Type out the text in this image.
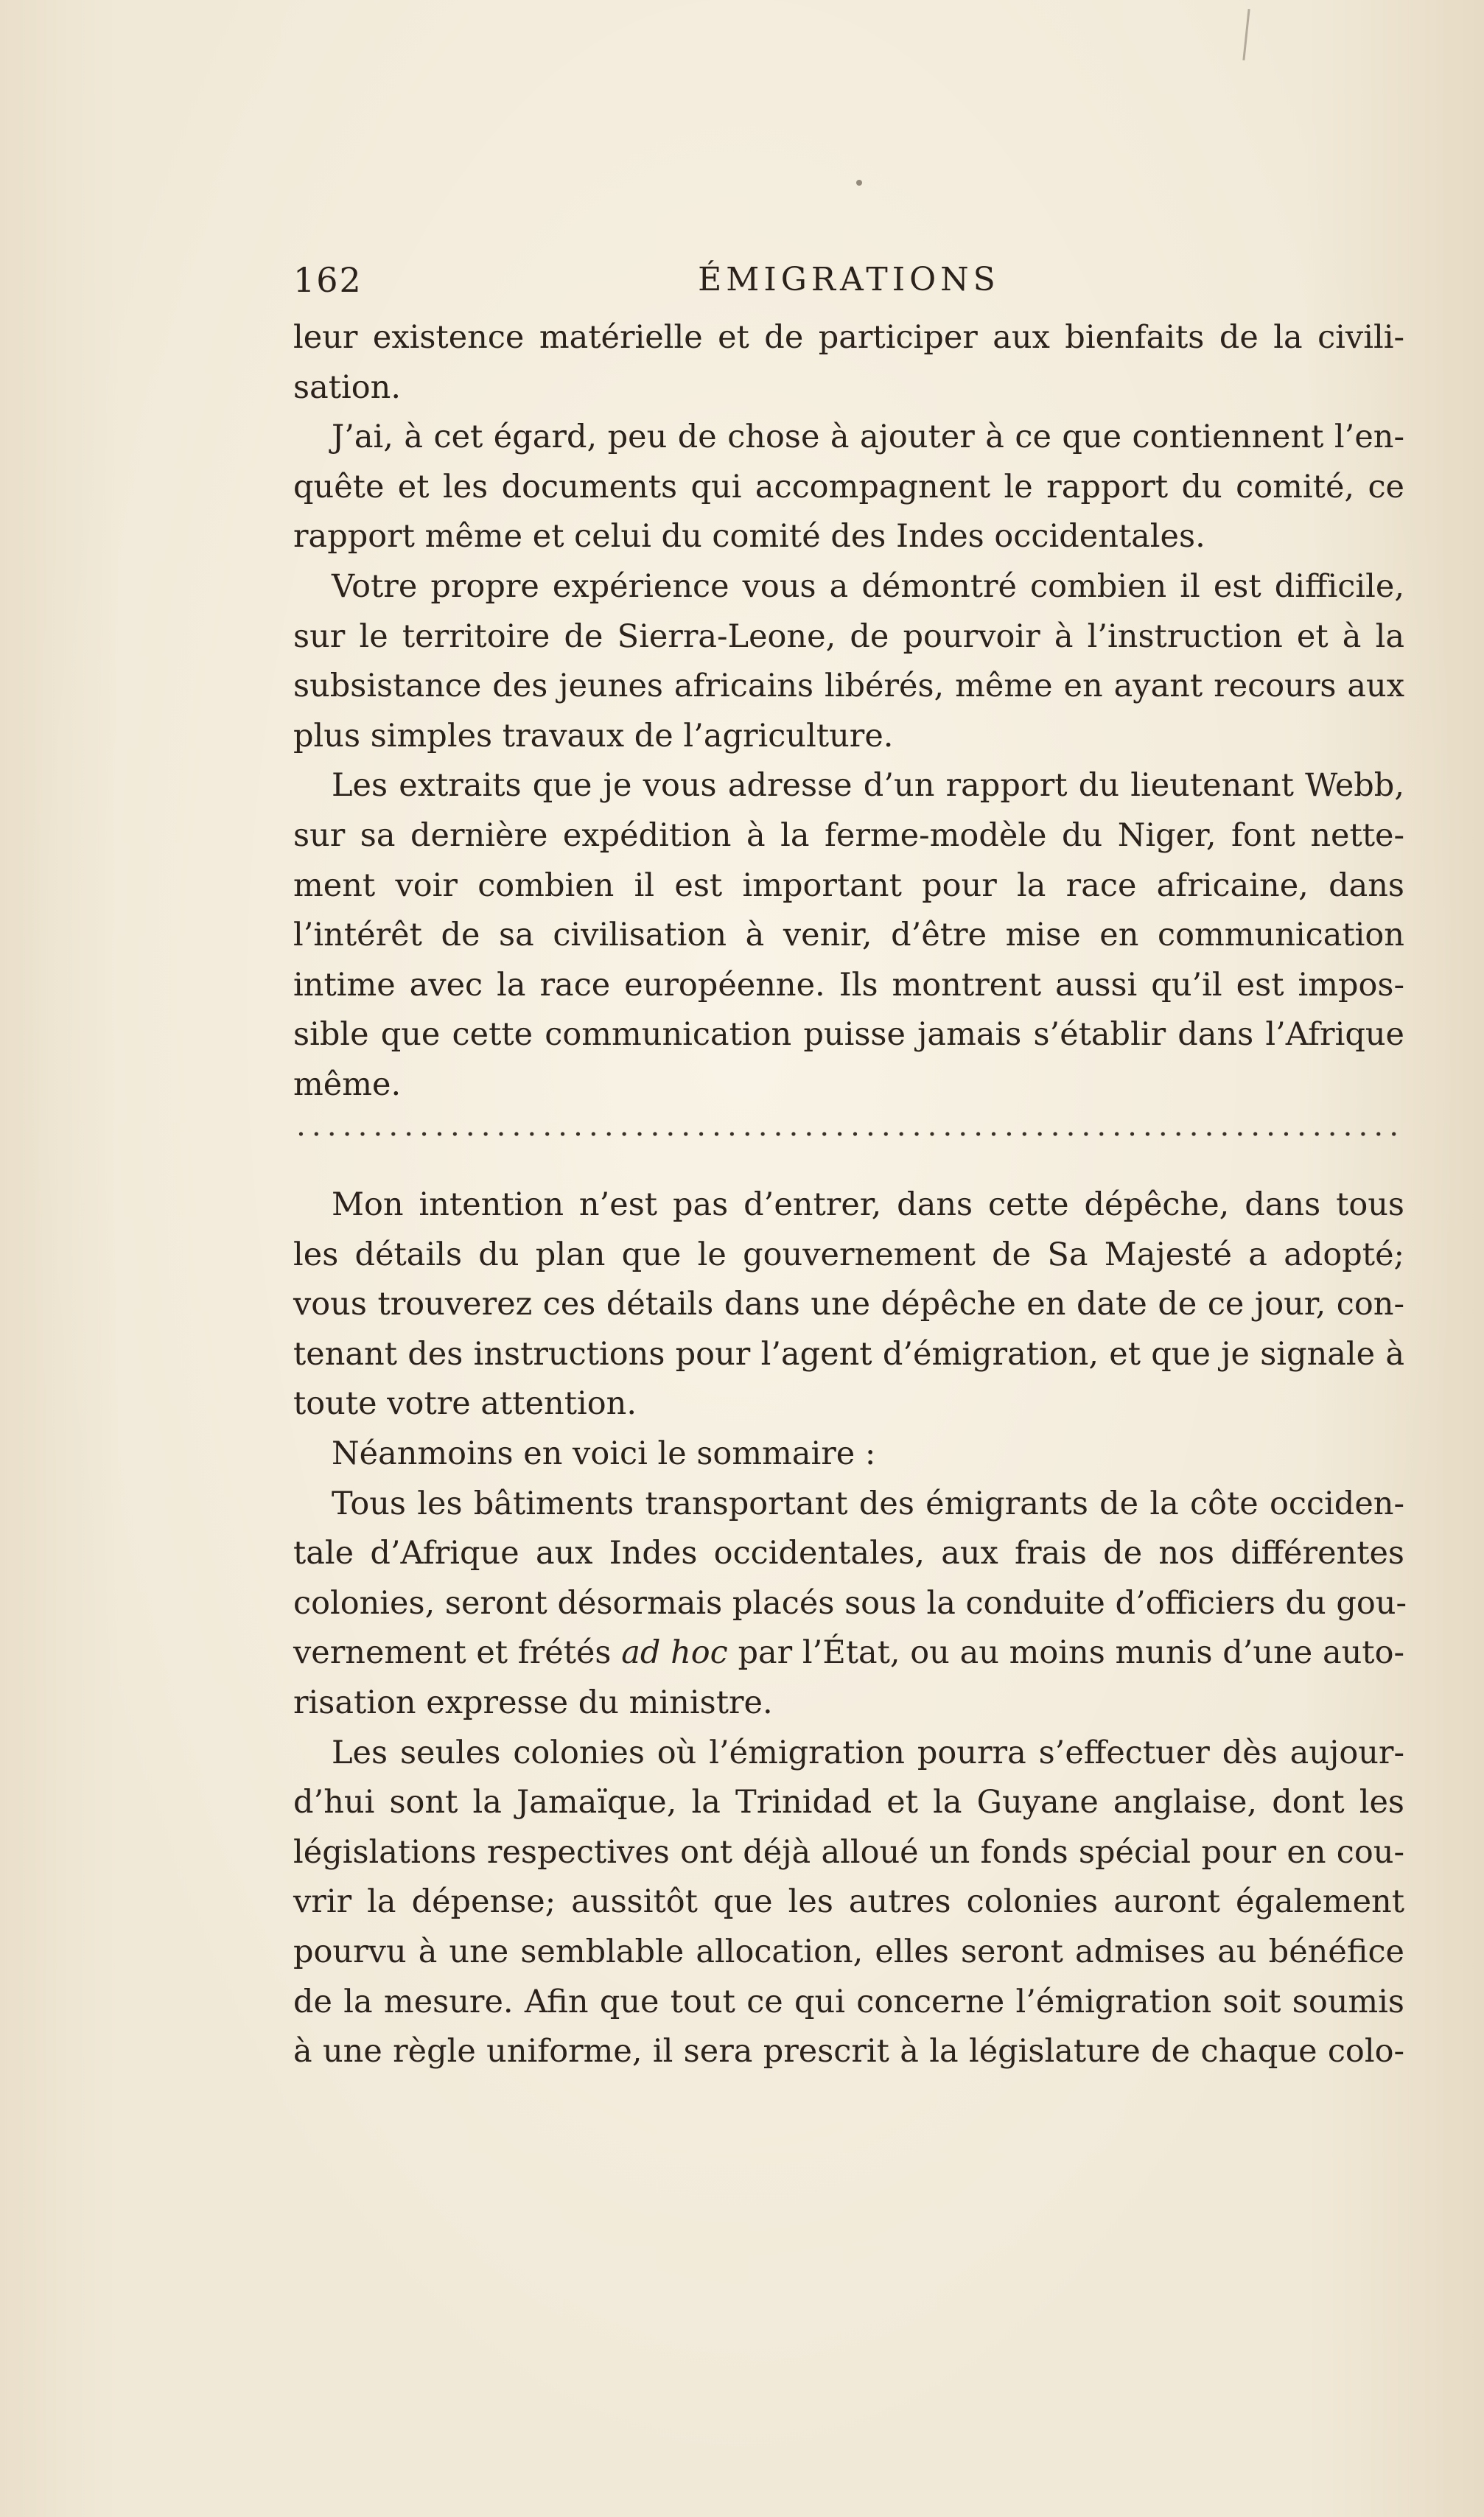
162	ÉMIGRATIONS
leur existence matérielle et de participer aux bienfaits de la civili-
sation.
J’ai, à cet égard, peu de chose à ajouter à ce que contiennent l’en-
quête et les documents qui accompagnent le rapport du comité, ce
rapport même et celui du comité des Indes occidentales.
Votre propre expérience vous a démontré combien il est difficile,
sur le territoire de Sierra-Leone, de pourvoir à l’instruction et à la
subsistance des jeunes africains libérés, même en ayant recours aux
plus simples travaux de l’agriculture.
Les extraits que je vous adresse d’un rapport du lieutenant Webb,
sur sa dernière expédition à la ferme-modèle du Niger, font nette-
ment voir combien il est important pour la race africaine, dans
l’intérêt de sa civilisation à venir, d’être mise en communication
intime avec la race européenne. Ils montrent aussi qu’il est impos-
sible que cette communication puisse jamais s’établir dans l’Afrique
même.
Mon intention n’est pas d’entrer, dans cette dépêche, dans tous
les détails du plan que le gouvernement de Sa Majesté a adopté;
vous trouverez ces détails dans une dépêche en date de ce jour, con-
tenant des instructions pour l’agent d’émigration, et que je signale à
toute votre attention.
Néanmoins en voici le sommaire :
Tous les bâtiments transportant des émigrants de la côte occiden-
tale d’Afrique aux Indes occidentales, aux frais de nos différentes
colonies, seront désormais placés sous la conduite d’officiers du gou-
vernement et frétés ad hoc par l’État, ou au moins munis d’une auto-
risation expresse du ministre.
Les seules colonies où l’émigration pourra s’effectuer dès aujour-
d’hui sont la Jamaïque, la Trinidad et la Guyane anglaise, dont les
législations respectives ont déjà alloué un fonds spécial pour en cou-
vrir la dépense; aussitôt que les autres colonies auront également
pourvu à une semblable allocation, elles seront admises au bénéfice
de la mesure. Afin que tout ce qui concerne l’émigration soit soumis
à une règle uniforme, il sera prescrit à la législature de chaque colo-
